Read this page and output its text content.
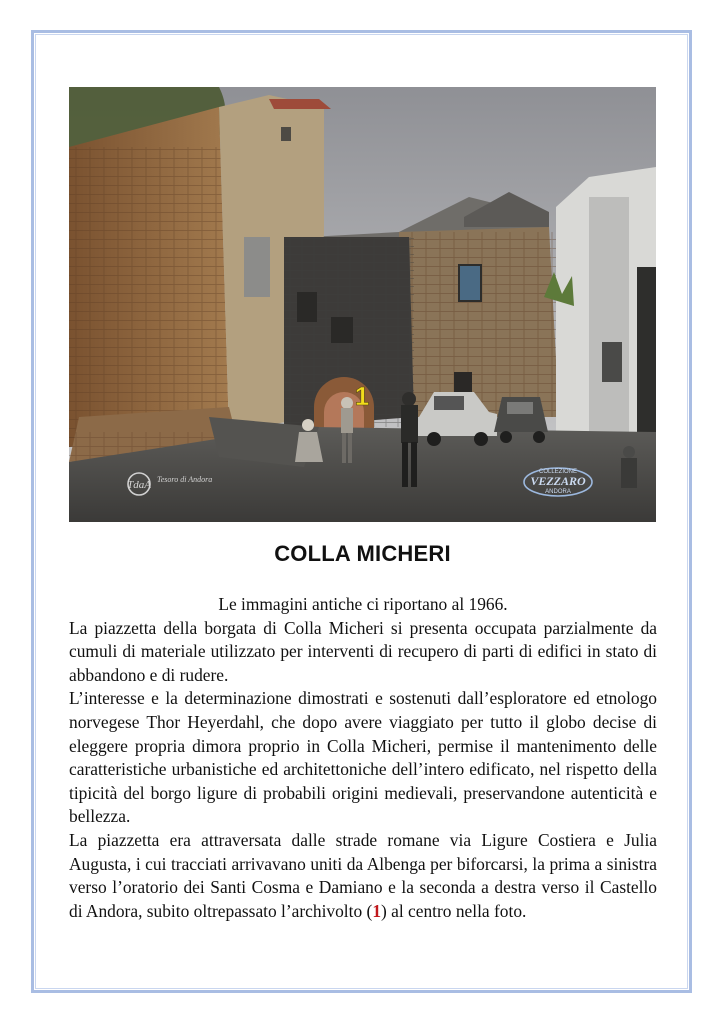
1
TdaA Tesoro di Andora
COLLEZIONE
VEZZARO
ANDORA
COLLA MICHERI

Le immagini antiche ci riportano al 1966.

La piazzetta della borgata di Colla Micheri si presenta occupata parzialmente da cumuli di materiale utilizzato per interventi di recupero di parti di edifici in stato di abbandono e di rudere.

L’interesse e la determinazione dimostrati e sostenuti dall’esploratore ed etnologo norvegese Thor Heyerdahl, che dopo avere viaggiato per tutto il globo decise di eleggere propria dimora proprio in Colla Micheri, permise il mantenimento delle caratteristiche urbanistiche ed architettoniche dell’intero edificato, nel rispetto della tipicità del borgo ligure di probabili origini medievali, preservandone autenticità e bellezza.

La piazzetta era attraversata dalle strade romane via Ligure Costiera e Julia Augusta, i cui tracciati arrivavano uniti da Albenga per biforcarsi, la prima a sinistra verso l’oratorio dei Santi Cosma e Damiano e la seconda a destra verso il Castello di Andora, subito oltrepassato l’archivolto (1) al centro nella foto.
